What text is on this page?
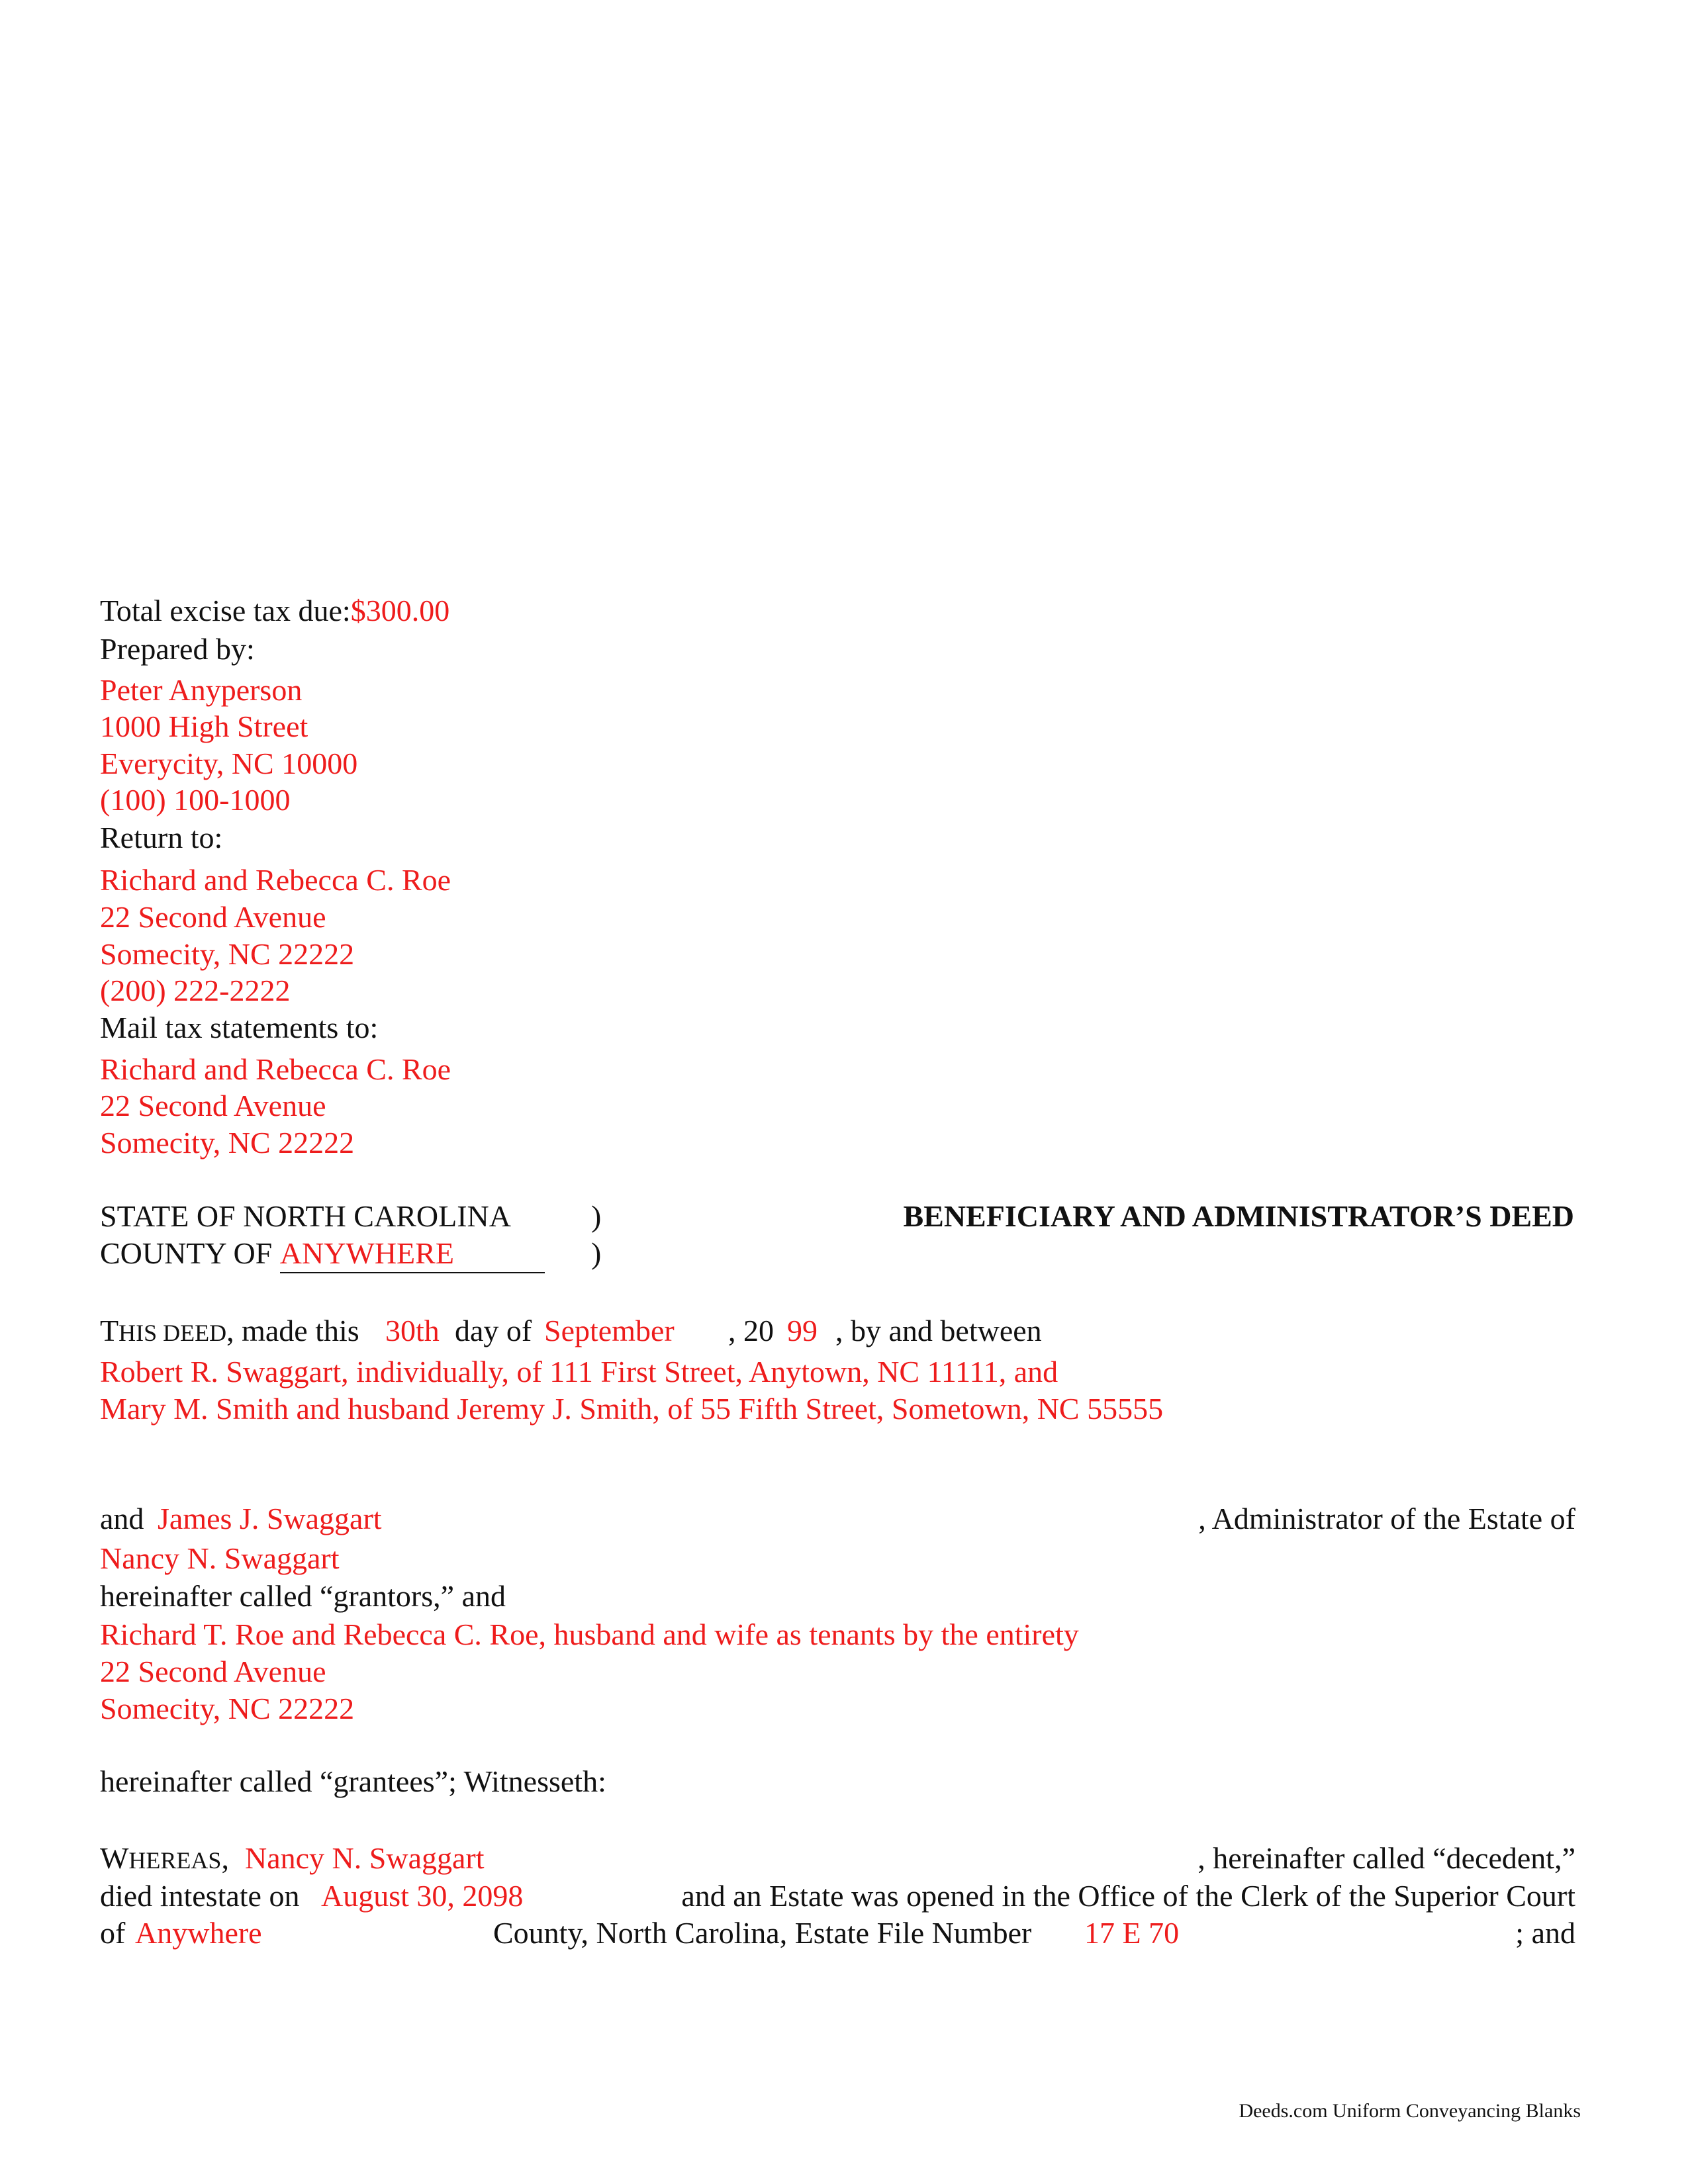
Total excise tax due:$300.00
Prepared by:
Peter Anyperson
1000 High Street
Everycity, NC 10000
(100) 100-1000
Return to:
Richard and Rebecca C. Roe
22 Second Avenue
Somecity, NC 22222
(200) 222-2222
Mail tax statements to:
Richard and Rebecca C. Roe
22 Second Avenue
Somecity, NC 22222
STATE OF NORTH CAROLINA	)	BENEFICIARY AND ADMINISTRATOR’S DEED
COUNTY OF ANYWHERE	)
THIS DEED, made this 30th day of September , 20 99 , by and between
Robert R. Swaggart, individually, of 111 First Street, Anytown, NC 11111, and
Mary M. Smith and husband Jeremy J. Smith, of 55 Fifth Street, Sometown, NC 55555
and James J. Swaggart	, Administrator of the Estate of
Nancy N. Swaggart
hereinafter called “grantors,” and
Richard T. Roe and Rebecca C. Roe, husband and wife as tenants by the entirety
22 Second Avenue
Somecity, NC 22222
hereinafter called “grantees”; Witnesseth:
WHEREAS, Nancy N. Swaggart	, hereinafter called “decedent,”
died intestate on August 30, 2098	and an Estate was opened in the Office of the Clerk of the Superior Court
of Anywhere	County, North Carolina, Estate File Number 17 E 70	; and
Deeds.com Uniform Conveyancing Blanks
